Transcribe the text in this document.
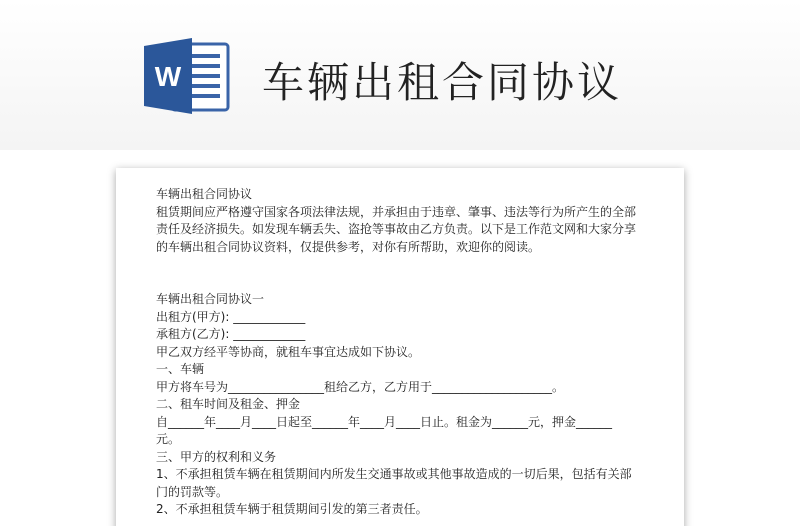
W 车辆出租合同协议

车辆出租合同协议

租赁期间应严格遵守国家各项法律法规，并承担由于违章、肇事、违法等行为所产生的全部

责任及经济损失。如发现车辆丢失、盗抢等事故由乙方负责。以下是工作范文网和大家分享

的车辆出租合同协议资料，仅提供参考，对你有所帮助，欢迎你的阅读。

车辆出租合同协议一

出租方(甲方): ____________

承租方(乙方): ____________

甲乙双方经平等协商，就租车事宜达成如下协议。

一、车辆

甲方将车号为________________租给乙方，乙方用于____________________。

二、租车时间及租金、押金

自______年____月____日起至______年____月____日止。租金为______元，押金______

元。

三、甲方的权利和义务

1、不承担租赁车辆在租赁期间内所发生交通事故或其他事故造成的一切后果，包括有关部

门的罚款等。

2、不承担租赁车辆于租赁期间引发的第三者责任。
